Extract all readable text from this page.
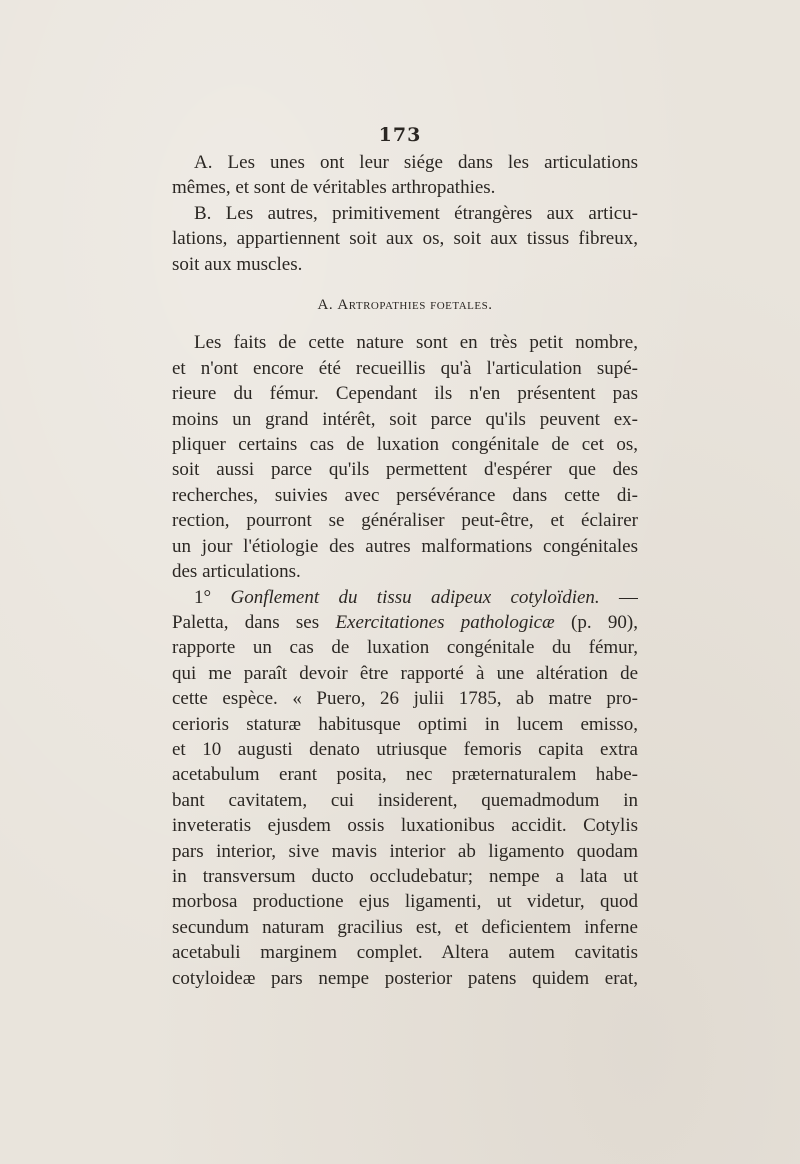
173
A. Les unes ont leur siége dans les articulations
mêmes, et sont de véritables arthropathies.
B. Les autres, primitivement étrangères aux articu-
lations, appartiennent soit aux os, soit aux tissus fibreux,
soit aux muscles.
A. Artropathies foetales.
Les faits de cette nature sont en très petit nombre,
et n'ont encore été recueillis qu'à l'articulation supé-
rieure du fémur. Cependant ils n'en présentent pas
moins un grand intérêt, soit parce qu'ils peuvent ex-
pliquer certains cas de luxation congénitale de cet os,
soit aussi parce qu'ils permettent d'espérer que des
recherches, suivies avec persévérance dans cette di-
rection, pourront se généraliser peut-être, et éclairer
un jour l'étiologie des autres malformations congénitales
des articulations.
1° Gonflement du tissu adipeux cotyloïdien. —
Paletta, dans ses Exercitationes pathologicæ (p. 90),
rapporte un cas de luxation congénitale du fémur,
qui me paraît devoir être rapporté à une altération de
cette espèce. « Puero, 26 julii 1785, ab matre pro-
cerioris staturæ habitusque optimi in lucem emisso,
et 10 augusti denato utriusque femoris capita extra
acetabulum erant posita, nec præternaturalem habe-
bant cavitatem, cui insiderent, quemadmodum in
inveteratis ejusdem ossis luxationibus accidit. Cotylis
pars interior, sive mavis interior ab ligamento quodam
in transversum ducto occludebatur; nempe a lata ut
morbosa productione ejus ligamenti, ut videtur, quod
secundum naturam gracilius est, et deficientem inferne
acetabuli marginem complet. Altera autem cavitatis
cotyloideæ pars nempe posterior patens quidem erat,
